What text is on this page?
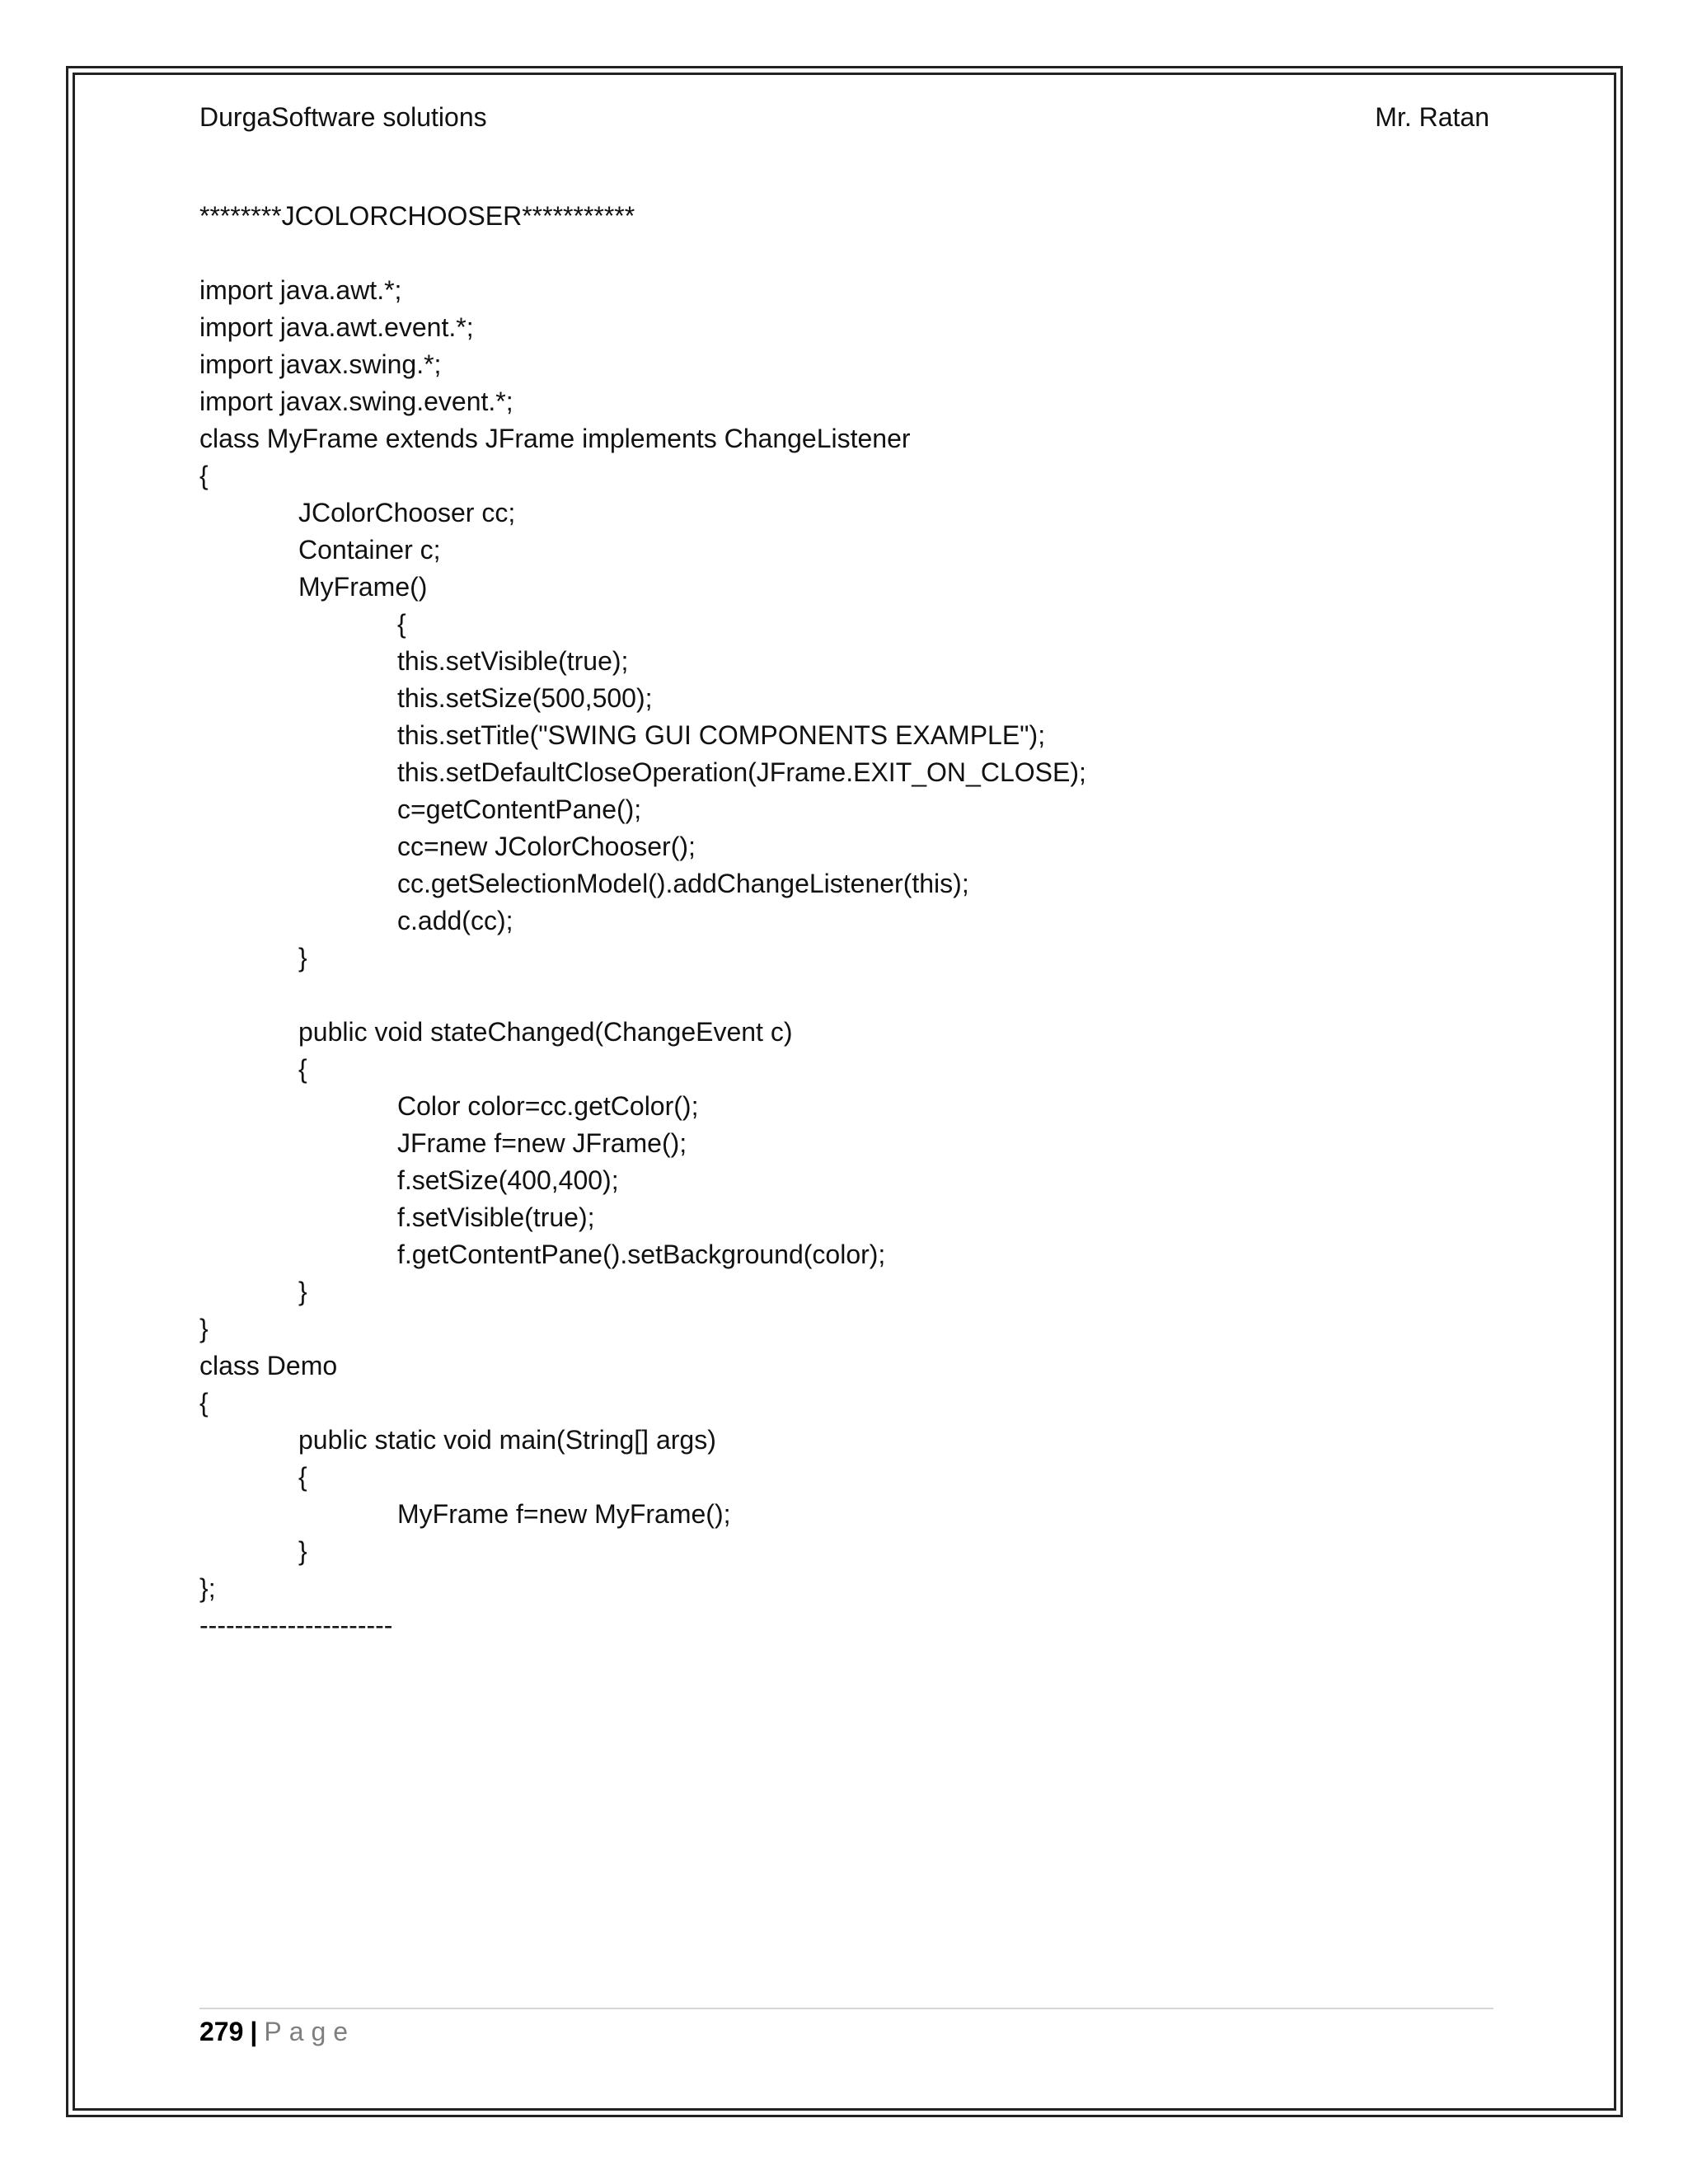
DurgaSoftware solutions	Mr. Ratan
********JCOLORCHOOSER***********
import java.awt.*;
import java.awt.event.*;
import javax.swing.*;
import javax.swing.event.*;
class MyFrame extends JFrame implements ChangeListener
{
JColorChooser cc;
Container c;
MyFrame()
{
this.setVisible(true);
this.setSize(500,500);
this.setTitle("SWING GUI COMPONENTS EXAMPLE");
this.setDefaultCloseOperation(JFrame.EXIT_ON_CLOSE);
c=getContentPane();
cc=new JColorChooser();
cc.getSelectionModel().addChangeListener(this);
c.add(cc);
}
public void stateChanged(ChangeEvent c)
{
Color color=cc.getColor();
JFrame f=new JFrame();
f.setSize(400,400);
f.setVisible(true);
f.getContentPane().setBackground(color);
}
}
class Demo
{
public static void main(String[] args)
{
MyFrame f=new MyFrame();
}
};
----------------------
279 | Page
